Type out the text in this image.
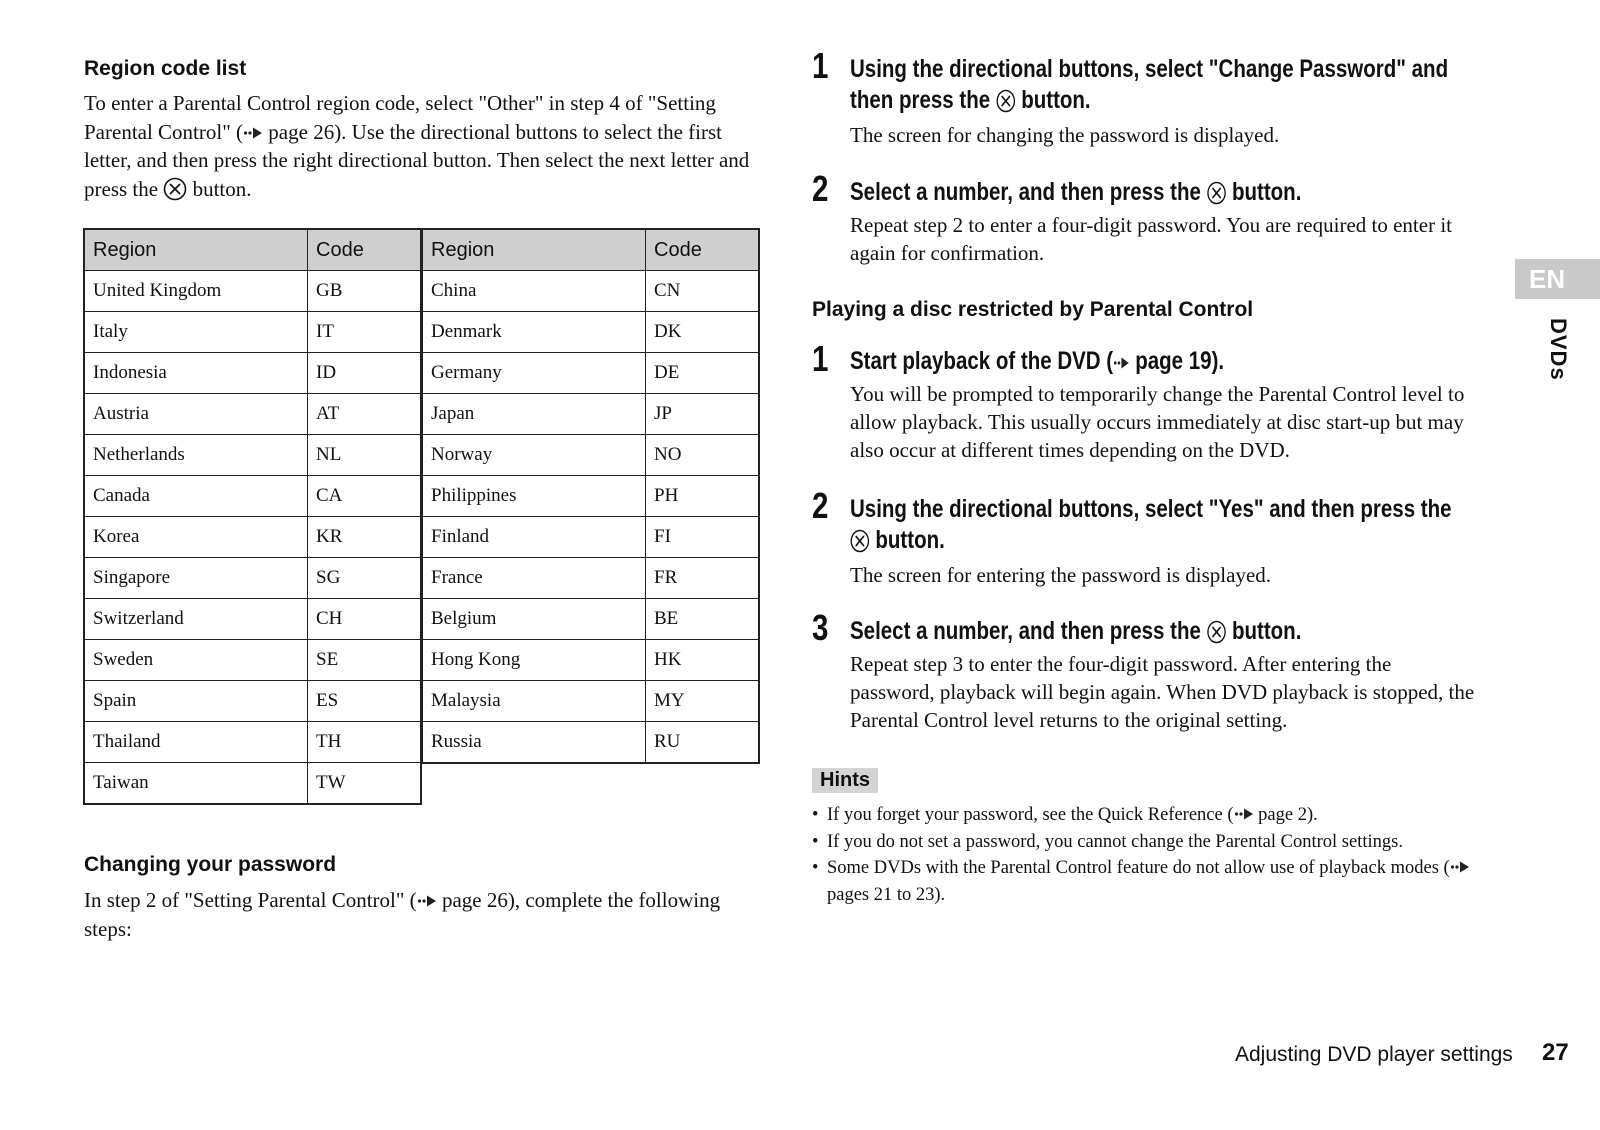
Region code list

To enter a Parental Control region code, select "Other" in step 4 of "Setting Parental Control" ( page 26). Use the directional buttons to select the first letter, and then press the right directional button. Then select the next letter and press the  button.

Region	Code
United Kingdom	GB
Italy	IT
Indonesia	ID
Austria	AT
Netherlands	NL
Canada	CA
Korea	KR
Singapore	SG
Switzerland	CH
Sweden	SE
Spain	ES
Thailand	TH
Taiwan	TW
Region	Code
China	CN
Denmark	DK
Germany	DE
Japan	JP
Norway	NO
Philippines	PH
Finland	FI
France	FR
Belgium	BE
Hong Kong	HK
Malaysia	MY
Russia	RU
Changing your password

In step 2 of "Setting Parental Control" ( page 26), complete the following steps:

1 Using the directional buttons, select "Change Password" and
then press the  button.

The screen for changing the password is displayed.

2 Select a number, and then press the  button.

Repeat step 2 to enter a four-digit password. You are required to enter it again for confirmation.

Playing a disc restricted by Parental Control
1 Start playback of the DVD ( page 19).

You will be prompted to temporarily change the Parental Control level to allow playback. This usually occurs immediately at disc start-up but may also occur at different times depending on the DVD.

2 Using the directional buttons, select "Yes" and then press the
button.

The screen for entering the password is displayed.

3 Select a number, and then press the  button.

Repeat step 3 to enter the four-digit password. After entering the password, playback will begin again. When DVD playback is stopped, the Parental Control level returns to the original setting.

Hints
• If you forget your password, see the Quick Reference ( page 2).
• If you do not set a password, you cannot change the Parental Control settings.
• Some DVDs with the Parental Control feature do not allow use of playback modes ( pages 21 to 23).
EN
DVDs
Adjusting DVD player settings 27
